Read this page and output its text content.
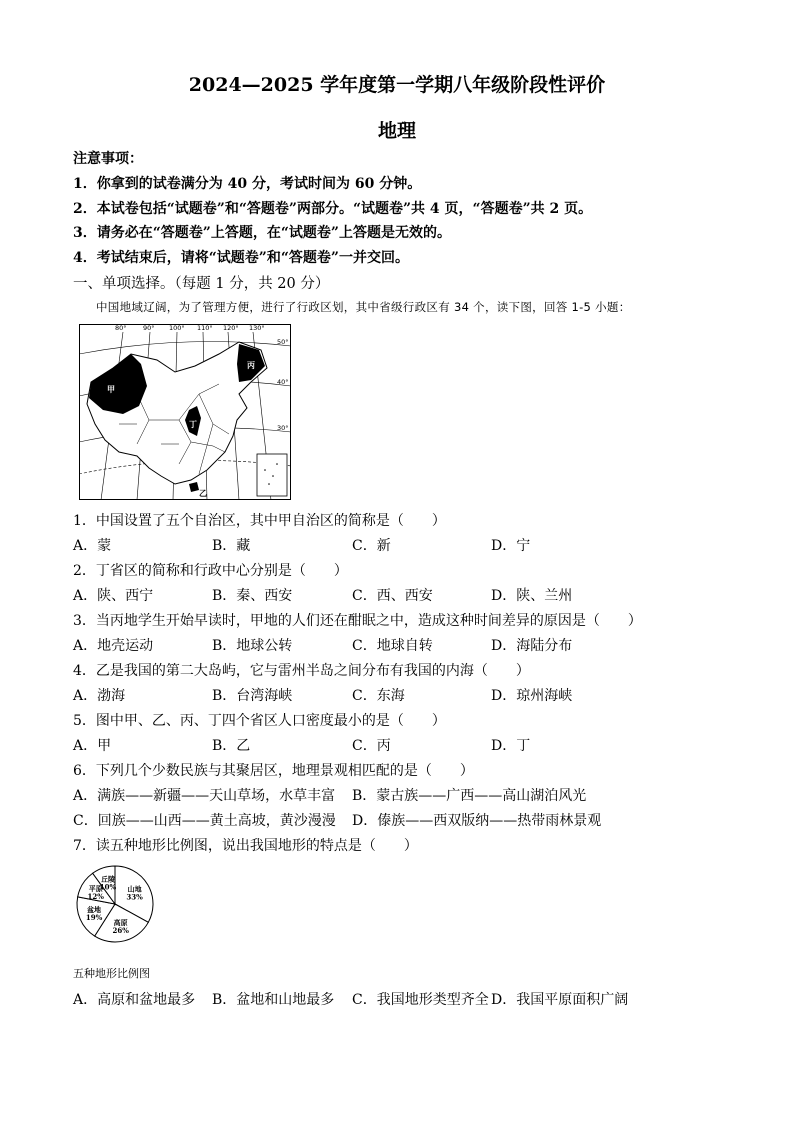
2024—2025 学年度第一学期八年级阶段性评价
地理
注意事项：
1．你拿到的试卷满分为 40 分，考试时间为 60 分钟。
2．本试卷包括“试题卷”和“答题卷”两部分。“试题卷”共 4 页，“答题卷”共 2 页。
3．请务必在“答题卷”上答题，在“试题卷”上答题是无效的。
4．考试结束后，请将“试题卷”和“答题卷”一并交回。
一、单项选择。（每题 1 分，共 20 分）
中国地域辽阔，为了管理方便，进行了行政区划，其中省级行政区有 34 个，读下图，回答 1-5 小题：
80°	90° 100° 110° 120° 130°
50°
40°
30°
甲
乙
丙
丁
1．中国设置了五个自治区，其中甲自治区的简称是（　　）
A．蒙	B．藏	C．新	D．宁
2．丁省区的简称和行政中心分别是（　　）
A．陕、西宁	B．秦、西安	C．西、西安	D．陕、兰州
3．当丙地学生开始早读时，甲地的人们还在酣眠之中，造成这种时间差异的原因是（　　）
A．地壳运动	B．地球公转	C．地球自转	D．海陆分布
4．乙是我国的第二大岛屿，它与雷州半岛之间分布有我国的内海（　　）
A．渤海	B．台湾海峡	C．东海	D．琼州海峡
5．图中甲、乙、丙、丁四个省区人口密度最小的是（　　）
A．甲	B．乙	C．丙	D．丁
6．下列几个少数民族与其聚居区，地理景观相匹配的是（　　）
A．满族——新疆——天山草场，水草丰富 B．蒙古族——广西——高山湖泊风光
C．回族——山西——黄土高坡，黄沙漫漫 D．傣族——西双版纳——热带雨林景观
7．读五种地形比例图，说出我国地形的特点是（　　）
山地
33%
高原
26%
盆地
19%
平原
12%
丘陵
10%
五种地形比例图
A．高原和盆地最多 B．盆地和山地最多 C．我国地形类型齐全 D．我国平原面积广阔
